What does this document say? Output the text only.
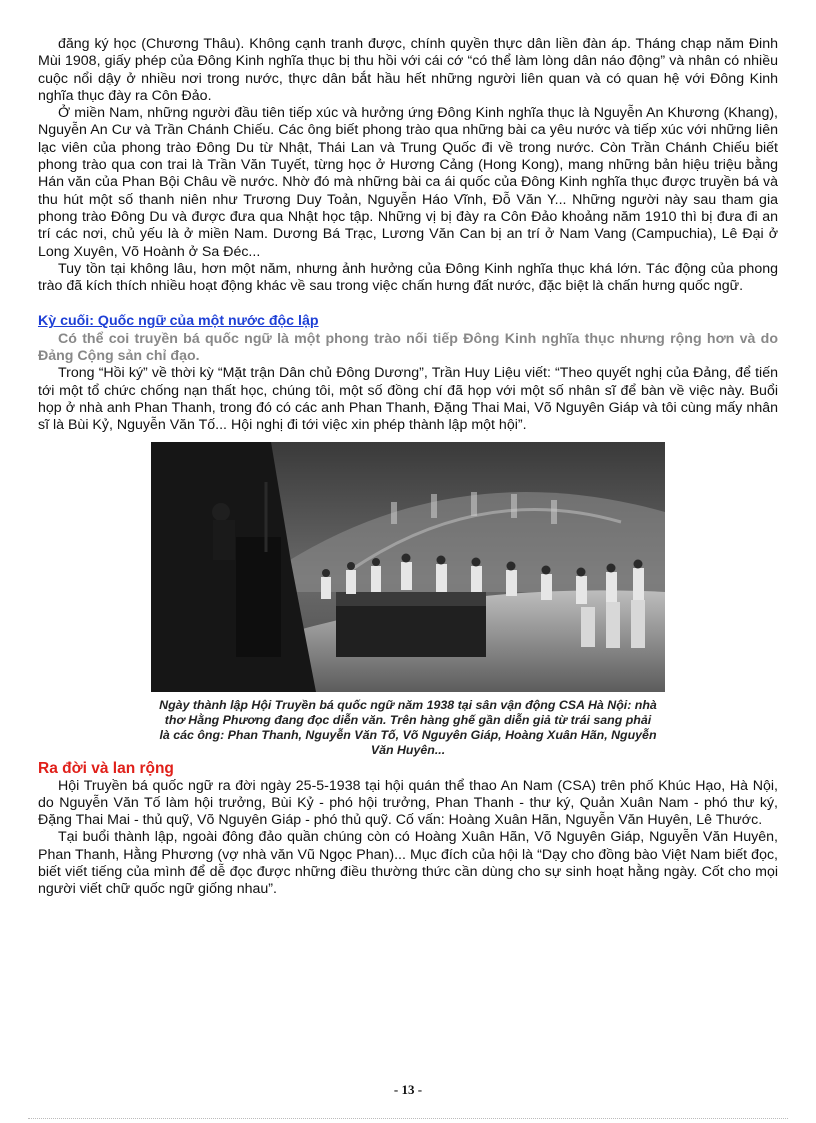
đăng ký học (Chương Thâu). Không cạnh tranh được, chính quyền thực dân liền đàn áp. Tháng chạp năm Đinh Mùi 1908, giấy phép của Đông Kinh nghĩa thục bị thu hồi với cái cớ “có thể làm lòng dân náo động” và nhân có nhiều cuộc nổi dậy ở nhiều nơi trong nước, thực dân bắt hầu hết những người liên quan và có quan hệ với Đông Kinh nghĩa thục đày ra Côn Đảo.

Ở miền Nam, những người đầu tiên tiếp xúc và hưởng ứng Đông Kinh nghĩa thục là Nguyễn An Khương (Khang), Nguyễn An Cư và Trần Chánh Chiếu. Các ông biết phong trào qua những bài ca yêu nước và tiếp xúc với những liên lạc viên của phong trào Đông Du từ Nhật, Thái Lan và Trung Quốc đi về trong nước. Còn Trần Chánh Chiếu biết phong trào qua con trai là Trần Văn Tuyết, từng học ở Hương Cảng (Hong Kong), mang những bản hiệu triệu bằng Hán văn của Phan Bội Châu về nước. Nhờ đó mà những bài ca ái quốc của Đông Kinh nghĩa thục được truyền bá và thu hút một số thanh niên như Trương Duy Toản, Nguyễn Háo Vĩnh, Đỗ Văn Y... Những người này sau tham gia phong trào Đông Du và được đưa qua Nhật học tập. Những vị bị đày ra Côn Đảo khoảng năm 1910 thì bị đưa đi an trí các nơi, chủ yếu là ở miền Nam. Dương Bá Trạc, Lương Văn Can bị an trí ở Nam Vang (Campuchia), Lê Đại ở Long Xuyên, Võ Hoành ở Sa Đéc...

Tuy tồn tại không lâu, hơn một năm, nhưng ảnh hưởng của Đông Kinh nghĩa thục khá lớn. Tác động của phong trào đã kích thích nhiều hoạt động khác về sau trong việc chấn hưng đất nước, đặc biệt là chấn hưng quốc ngữ.

Kỳ cuối: Quốc ngữ của một nước độc lập

Có thể coi truyền bá quốc ngữ là một phong trào nối tiếp Đông Kinh nghĩa thục nhưng rộng hơn và do Đảng Cộng sản chỉ đạo.

Trong “Hồi ký” về thời kỳ “Mặt trận Dân chủ Đông Dương”, Trần Huy Liệu viết: “Theo quyết nghị của Đảng, để tiến tới một tổ chức chống nạn thất học, chúng tôi, một số đồng chí đã họp với một số nhân sĩ để bàn về việc này. Buổi họp ở nhà anh Phan Thanh, trong đó có các anh Phan Thanh, Đặng Thai Mai, Võ Nguyên Giáp và tôi cùng mấy nhân sĩ là Bùi Kỷ, Nguyễn Văn Tố... Hội nghị đi tới việc xin phép thành lập một hội”.

Ngày thành lập Hội Truyền bá quốc ngữ năm 1938 tại sân vận động CSA Hà Nội: nhà thơ Hằng Phương đang đọc diễn văn. Trên hàng ghế gần diễn giả từ trái sang phải là các ông: Phan Thanh, Nguyễn Văn Tố, Võ Nguyên Giáp, Hoàng Xuân Hãn, Nguyễn Văn Huyên...
Ra đời và lan rộng

Hội Truyền bá quốc ngữ ra đời ngày 25-5-1938 tại hội quán thể thao An Nam (CSA) trên phố Khúc Hạo, Hà Nội, do Nguyễn Văn Tố làm hội trưởng, Bùi Kỷ - phó hội trưởng, Phan Thanh - thư ký, Quản Xuân Nam - phó thư ký, Đặng Thai Mai - thủ quỹ, Võ Nguyên Giáp - phó thủ quỹ. Cố vấn: Hoàng Xuân Hãn, Nguyễn Văn Huyên, Lê Thước.

Tại buổi thành lập, ngoài đông đảo quần chúng còn có Hoàng Xuân Hãn, Võ Nguyên Giáp, Nguyễn Văn Huyên, Phan Thanh, Hằng Phương (vợ nhà văn Vũ Ngọc Phan)... Mục đích của hội là “Dạy cho đồng bào Việt Nam biết đọc, biết viết tiếng của mình để dễ đọc được những điều thường thức cần dùng cho sự sinh hoạt hằng ngày. Cốt cho mọi người viết chữ quốc ngữ giống nhau”.

- 13 -
